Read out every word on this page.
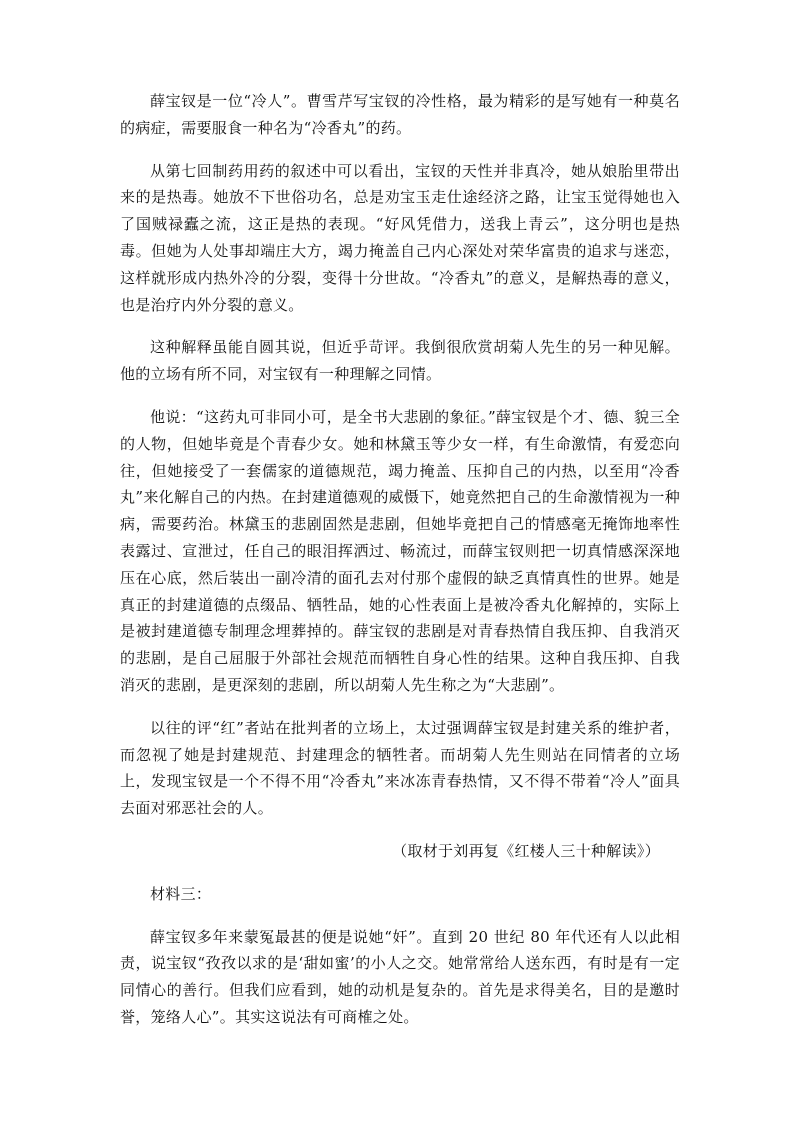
薛宝钗是一位“冷人”。曹雪芹写宝钗的冷性格，最为精彩的是写她有一种莫名的病症，需要服食一种名为“冷香丸”的药。

从第七回制药用药的叙述中可以看出，宝钗的天性并非真冷，她从娘胎里带出来的是热毒。她放不下世俗功名，总是劝宝玉走仕途经济之路，让宝玉觉得她也入了国贼禄蠹之流，这正是热的表现。“好风凭借力，送我上青云”，这分明也是热毒。但她为人处事却端庄大方，竭力掩盖自己内心深处对荣华富贵的追求与迷恋，这样就形成内热外冷的分裂，变得十分世故。“冷香丸”的意义，是解热毒的意义，也是治疗内外分裂的意义。

这种解释虽能自圆其说，但近乎苛评。我倒很欣赏胡菊人先生的另一种见解。他的立场有所不同，对宝钗有一种理解之同情。

他说：“这药丸可非同小可，是全书大悲剧的象征。”薛宝钗是个才、德、貌三全的人物，但她毕竟是个青春少女。她和林黛玉等少女一样，有生命激情，有爱恋向往，但她接受了一套儒家的道德规范，竭力掩盖、压抑自己的内热，以至用“冷香丸”来化解自己的内热。在封建道德观的威慑下，她竟然把自己的生命激情视为一种病，需要药治。林黛玉的悲剧固然是悲剧，但她毕竟把自己的情感毫无掩饰地率性表露过、宣泄过，任自己的眼泪挥洒过、畅流过，而薛宝钗则把一切真情感深深地压在心底，然后装出一副冷清的面孔去对付那个虚假的缺乏真情真性的世界。她是真正的封建道德的点缀品、牺牲品，她的心性表面上是被冷香丸化解掉的，实际上是被封建道德专制理念埋葬掉的。薛宝钗的悲剧是对青春热情自我压抑、自我消灭的悲剧，是自己屈服于外部社会规范而牺牲自身心性的结果。这种自我压抑、自我消灭的悲剧，是更深刻的悲剧，所以胡菊人先生称之为“大悲剧”。

以往的评“红”者站在批判者的立场上，太过强调薛宝钗是封建关系的维护者，而忽视了她是封建规范、封建理念的牺牲者。而胡菊人先生则站在同情者的立场上，发现宝钗是一个不得不用“冷香丸”来冰冻青春热情，又不得不带着“冷人”面具去面对邪恶社会的人。

（取材于刘再复《红楼人三十种解读》）

材料三：

薛宝钗多年来蒙冤最甚的便是说她“奸”。直到 20 世纪 80 年代还有人以此相责，说宝钗“孜孜以求的是‘甜如蜜’的小人之交。她常常给人送东西，有时是有一定同情心的善行。但我们应看到，她的动机是复杂的。首先是求得美名，目的是邀时誉，笼络人心”。其实这说法有可商榷之处。
